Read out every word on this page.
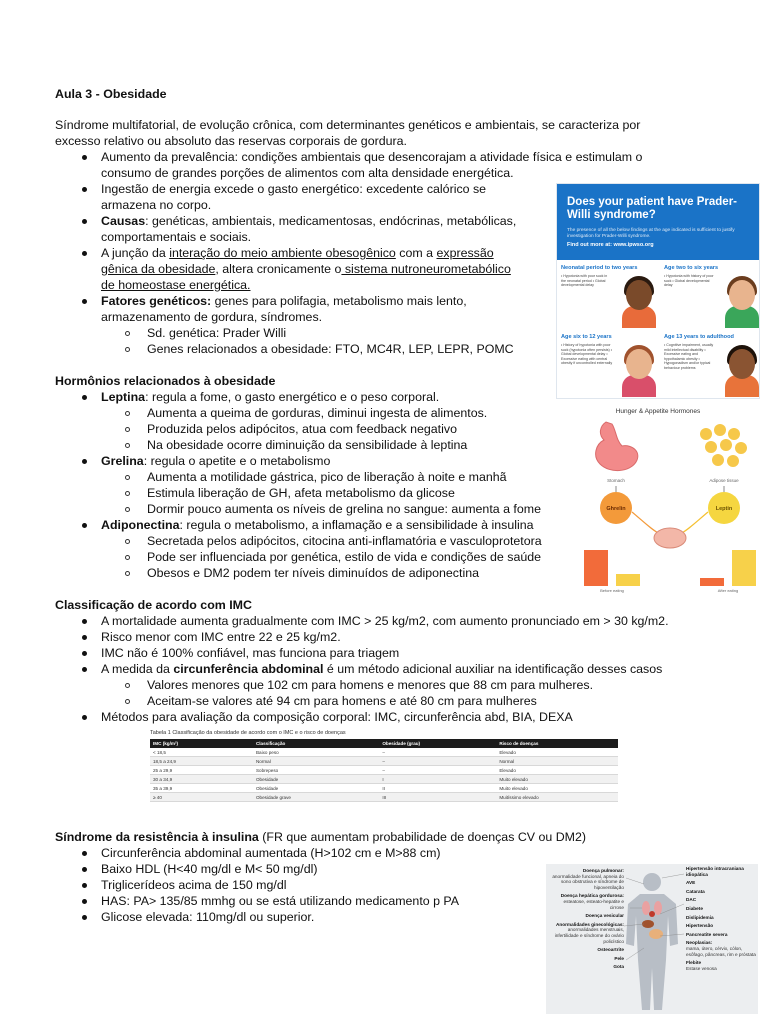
Aula 3 - Obesidade
Síndrome multifatorial, de evolução crônica, com determinantes genéticos e ambientais, se caracteriza por
excesso relativo ou absoluto das reservas corporais de gordura.
Aumento da prevalência: condições ambientais que desencorajam a atividade física e estimulam o
consumo de grandes porções de alimentos com alta densidade energética.
Ingestão de energia excede o gasto energético: excedente calórico se
armazena no corpo.
Causas: genéticas, ambientais, medicamentosas, endócrinas, metabólicas,
comportamentais e sociais.
A junção da interação do meio ambiente obesogênico com a expressão
gênica da obesidade, altera cronicamente o sistema nutroneurometabólico
de homeostase energética.
Fatores genéticos: genes para polifagia, metabolismo mais lento,
armazenamento de gordura, síndromes.
Sd. genética: Prader Willi
Genes relacionados a obesidade: FTO, MC4R, LEP, LEPR, POMC
Hormônios relacionados à obesidade
Leptina: regula a fome, o gasto energético e o peso corporal.
Aumenta a queima de gorduras, diminui ingesta de alimentos.
Produzida pelos adipócitos, atua com feedback negativo
Na obesidade ocorre diminuição da sensibilidade à leptina
Grelina: regula o apetite e o metabolismo
Aumenta a motilidade gástrica, pico de liberação à noite e manhã
Estimula liberação de GH, afeta metabolismo da glicose
Dormir pouco aumenta os níveis de grelina no sangue: aumenta a fome
Adiponectina: regula o metabolismo, a inflamação e a sensibilidade à insulina
Secretada pelos adipócitos, citocina anti-inflamatória e vasculoprotetora
Pode ser influenciada por genética, estilo de vida e condições de saúde
Obesos e DM2 podem ter níveis diminuídos de adiponectina
Classificação de acordo com IMC
A mortalidade aumenta gradualmente com IMC > 25 kg/m2, com aumento pronunciado em > 30 kg/m2.
Risco menor com IMC entre 22 e 25 kg/m2.
IMC não é 100% confiável, mas funciona para triagem
A medida da circunferência abdominal é um método adicional auxiliar na identificação desses casos
Valores menores que 102 cm para homens e menores que 88 cm para mulheres.
Aceitam-se valores até 94 cm para homens e até 80 cm para mulheres
Métodos para avaliação da composição corporal: IMC, circunferência abd, BIA, DEXA
Tabela 1 Classificação da obesidade de acordo com o IMC e o risco de doenças
IMC (kg/m²)	Classificação	Obesidade (grau)	Risco de doenças
< 18,5	Baixo peso	–	Elevado
18,5 a 24,9	Normal	–	Normal
25 a 29,9	Sobrepeso	–	Elevado
30 a 34,9	Obesidade	I	Muito elevado
35 a 39,9	Obesidade	II	Muito elevado
≥ 40	Obesidade grave	III	Muitíssimo elevado
Síndrome da resistência à insulina (FR que aumentam probabilidade de doenças CV ou DM2)
Circunferência abdominal aumentada (H>102 cm e M>88 cm)
Baixo HDL (H<40 mg/dl e M< 50 mg/dl)
Triglicerídeos acima de 150 mg/dl
HAS: PA> 135/85 mmhg ou se está utilizando medicamento p PA
Glicose elevada: 110mg/dl ou superior.
Does your patient have Prader-Willi syndrome?
The presence of all the below findings at the age indicated is sufficient to justify investigation for Prader-Willi syndrome.
Find out more at: www.ipwso.org
Neonatal period to two years
• Hypotonia with poor suck in the neonatal period • Global developmental delay
Age two to six years
• Hypotonia with history of poor suck • Global developmental delay
Age six to 12 years
• History of hypotonia with poor suck (hypotonia often persists) • Global developmental delay • Excessive eating with central obesity if uncontrolled externally
Age 13 years to adulthood
• Cognitive impairment, usually mild intellectual disability • Excessive eating and hypothalamic obesity • Hypogonadism and/or typical behaviour problems
Hunger & Appetite Hormones
Stomach	Adipose tissue
Ghrelin	Leptin
Before eating	After eating
Doença pulmonar:
anormalidade funcional, apneia do sono obstrutiva e síndrome de hipoventilação
Doença hepática gordurosa:
esteatose, esteato-hepatite e cirrose
Doença vesicular
Anormalidades ginecológicas:
anormalidades menstruais, infertilidade e síndrome do ovário policístico
Osteoartrite
Pele
Gota
Hipertensão intracraniana idiopática
AVE
Catarata
DAC
Diabete
Dislipidemia
Hipertensão
Pancreatite severa
Neoplasias:
mama, útero, cérvix, cólon, esôfago, pâncreas, rim e próstata
Flebite
Estase venosa
